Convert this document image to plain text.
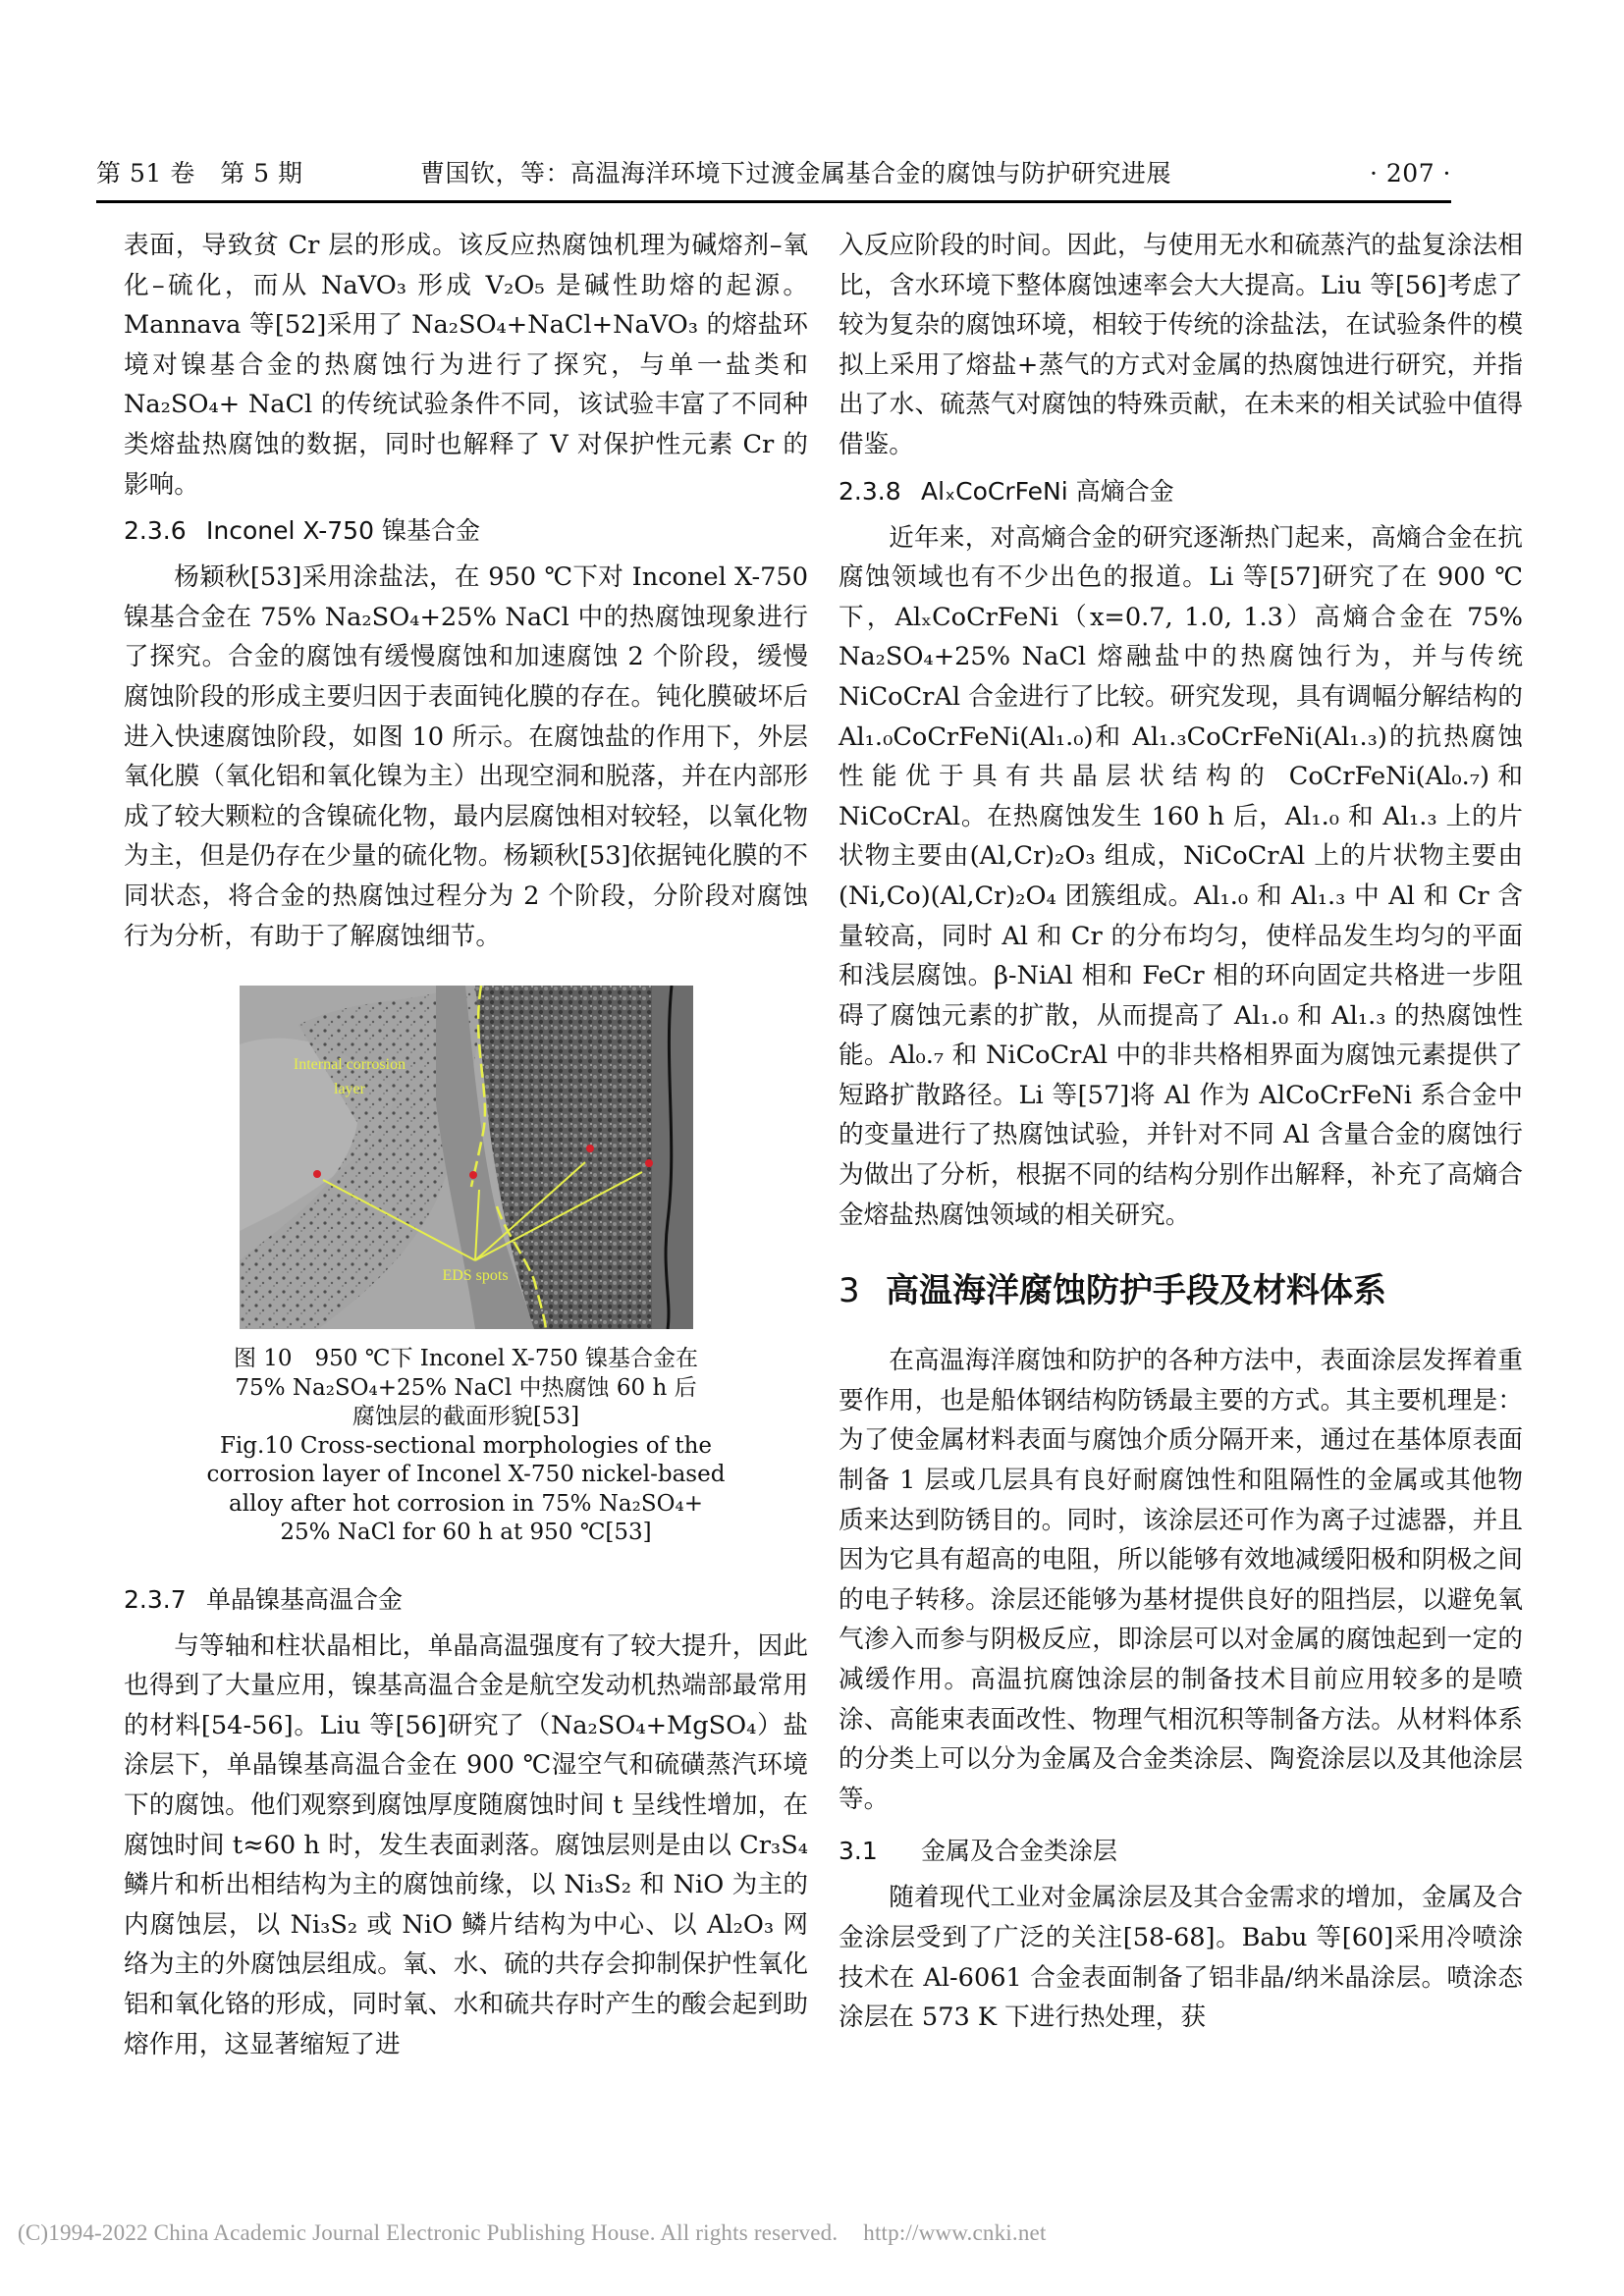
第 51 卷　第 5 期	曹国钦，等：高温海洋环境下过渡金属基合金的腐蚀与防护研究进展	· 207 ·

表面，导致贫 Cr 层的形成。该反应热腐蚀机理为碱熔剂–氧化–硫化，而从 NaVO₃ 形成 V₂O₅ 是碱性助熔的起源。Mannava 等[52]采用了 Na₂SO₄+NaCl+NaVO₃ 的熔盐环境对镍基合金的热腐蚀行为进行了探究，与单一盐类和 Na₂SO₄+ NaCl 的传统试验条件不同，该试验丰富了不同种类熔盐热腐蚀的数据，同时也解释了 V 对保护性元素 Cr 的影响。

2.3.6 Inconel X-750 镍基合金

杨颖秋[53]采用涂盐法，在 950 ℃下对 Inconel X-750 镍基合金在 75% Na₂SO₄+25% NaCl 中的热腐蚀现象进行了探究。合金的腐蚀有缓慢腐蚀和加速腐蚀 2 个阶段，缓慢腐蚀阶段的形成主要归因于表面钝化膜的存在。钝化膜破坏后进入快速腐蚀阶段，如图 10 所示。在腐蚀盐的作用下，外层氧化膜（氧化铝和氧化镍为主）出现空洞和脱落，并在内部形成了较大颗粒的含镍硫化物，最内层腐蚀相对较轻，以氧化物为主，但是仍存在少量的硫化物。杨颖秋[53]依据钝化膜的不同状态，将合金的热腐蚀过程分为 2 个阶段，分阶段对腐蚀行为分析，有助于了解腐蚀细节。

Internal corrosion
layer
EDS spots
图 10　950 ℃下 Inconel X-750 镍基合金在
75% Na₂SO₄+25% NaCl 中热腐蚀 60 h 后
腐蚀层的截面形貌[53]
Fig.10 Cross-sectional morphologies of the
corrosion layer of Inconel X-750 nickel-based
alloy after hot corrosion in 75% Na₂SO₄+
25% NaCl for 60 h at 950 ℃[53]
2.3.7 单晶镍基高温合金

与等轴和柱状晶相比，单晶高温强度有了较大提升，因此也得到了大量应用，镍基高温合金是航空发动机热端部最常用的材料[54-56]。Liu 等[56]研究了（Na₂SO₄+MgSO₄）盐涂层下，单晶镍基高温合金在 900 ℃湿空气和硫磺蒸汽环境下的腐蚀。他们观察到腐蚀厚度随腐蚀时间 t 呈线性增加，在腐蚀时间 t≈60 h 时，发生表面剥落。腐蚀层则是由以 Cr₃S₄ 鳞片和析出相结构为主的腐蚀前缘，以 Ni₃S₂ 和 NiO 为主的内腐蚀层，以 Ni₃S₂ 或 NiO 鳞片结构为中心、以 Al₂O₃ 网络为主的外腐蚀层组成。氧、水、硫的共存会抑制保护性氧化铝和氧化铬的形成，同时氧、水和硫共存时产生的酸会起到助熔作用，这显著缩短了进

入反应阶段的时间。因此，与使用无水和硫蒸汽的盐复涂法相比，含水环境下整体腐蚀速率会大大提高。Liu 等[56]考虑了较为复杂的腐蚀环境，相较于传统的涂盐法，在试验条件的模拟上采用了熔盐+蒸气的方式对金属的热腐蚀进行研究，并指出了水、硫蒸气对腐蚀的特殊贡献，在未来的相关试验中值得借鉴。

2.3.8 AlₓCoCrFeNi 高熵合金

近年来，对高熵合金的研究逐渐热门起来，高熵合金在抗腐蚀领域也有不少出色的报道。Li 等[57]研究了在 900 ℃下，AlₓCoCrFeNi（x=0.7, 1.0, 1.3）高熵合金在 75% Na₂SO₄+25% NaCl 熔融盐中的热腐蚀行为，并与传统 NiCoCrAl 合金进行了比较。研究发现，具有调幅分解结构的 Al₁.₀CoCrFeNi(Al₁.₀)和 Al₁.₃CoCrFeNi(Al₁.₃)的抗热腐蚀性能优于具有共晶层状结构的 CoCrFeNi(Al₀.₇)和 NiCoCrAl。在热腐蚀发生 160 h 后，Al₁.₀ 和 Al₁.₃ 上的片状物主要由(Al,Cr)₂O₃ 组成，NiCoCrAl 上的片状物主要由(Ni,Co)(Al,Cr)₂O₄ 团簇组成。Al₁.₀ 和 Al₁.₃ 中 Al 和 Cr 含量较高，同时 Al 和 Cr 的分布均匀，使样品发生均匀的平面和浅层腐蚀。β-NiAl 相和 FeCr 相的环向固定共格进一步阻碍了腐蚀元素的扩散，从而提高了 Al₁.₀ 和 Al₁.₃ 的热腐蚀性能。Al₀.₇ 和 NiCoCrAl 中的非共格相界面为腐蚀元素提供了短路扩散路径。Li 等[57]将 Al 作为 AlCoCrFeNi 系合金中的变量进行了热腐蚀试验，并针对不同 Al 含量合金的腐蚀行为做出了分析，根据不同的结构分别作出解释，补充了高熵合金熔盐热腐蚀领域的相关研究。

3 高温海洋腐蚀防护手段及材料体系

在高温海洋腐蚀和防护的各种方法中，表面涂层发挥着重要作用，也是船体钢结构防锈最主要的方式。其主要机理是：为了使金属材料表面与腐蚀介质分隔开来，通过在基体原表面制备 1 层或几层具有良好耐腐蚀性和阻隔性的金属或其他物质来达到防锈目的。同时，该涂层还可作为离子过滤器，并且因为它具有超高的电阻，所以能够有效地减缓阳极和阴极之间的电子转移。涂层还能够为基材提供良好的阻挡层，以避免氧气渗入而参与阴极反应，即涂层可以对金属的腐蚀起到一定的减缓作用。高温抗腐蚀涂层的制备技术目前应用较多的是喷涂、高能束表面改性、物理气相沉积等制备方法。从材料体系的分类上可以分为金属及合金类涂层、陶瓷涂层以及其他涂层等。

3.1 金属及合金类涂层

随着现代工业对金属涂层及其合金需求的增加，金属及合金涂层受到了广泛的关注[58-68]。Babu 等[60]采用冷喷涂技术在 Al-6061 合金表面制备了铝非晶/纳米晶涂层。喷涂态涂层在 573 K 下进行热处理，获

(C)1994-2022 China Academic Journal Electronic Publishing House. All rights reserved. http://www.cnki.net
